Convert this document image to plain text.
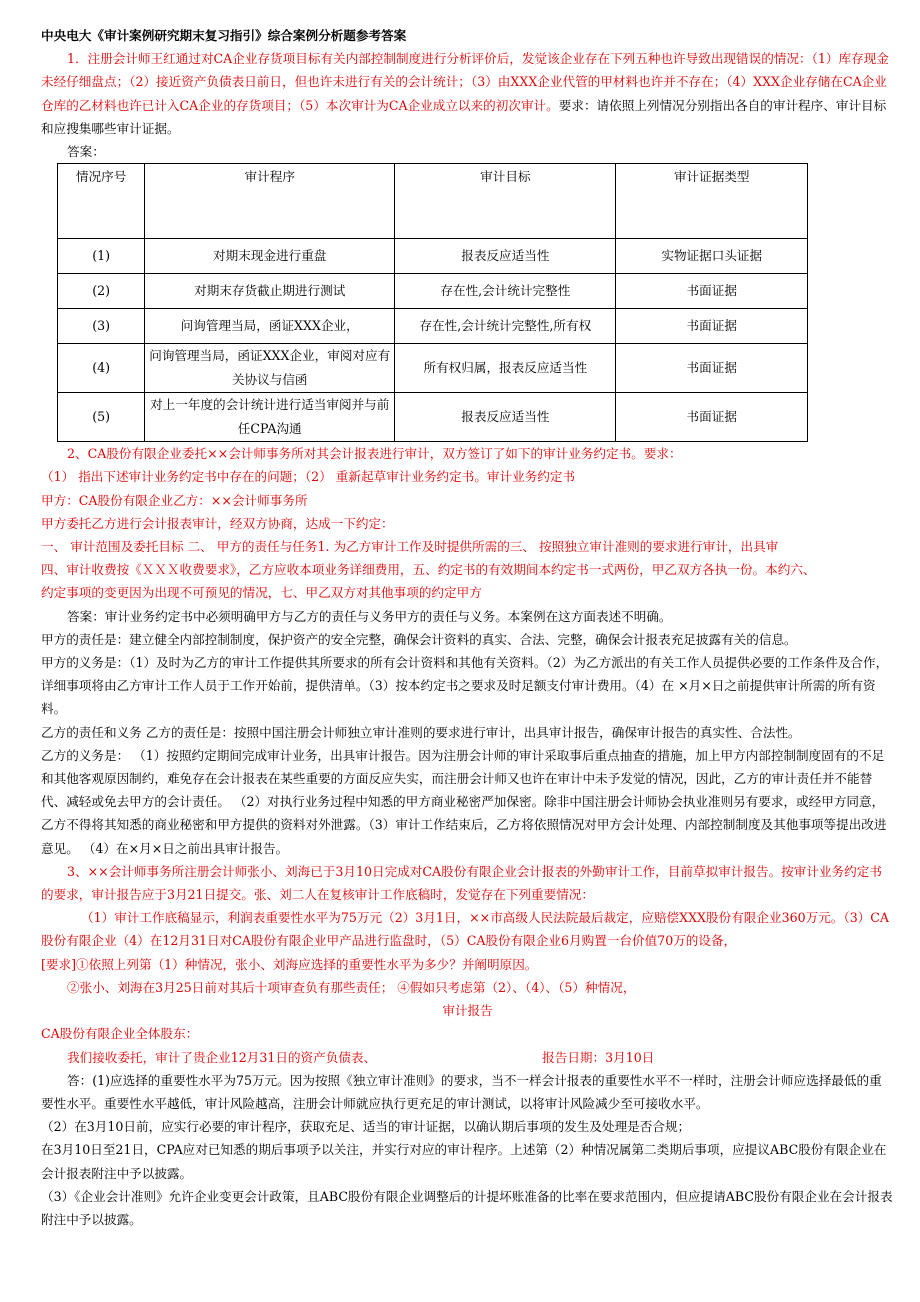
中央电大《审计案例研究期末复习指引》综合案例分析题参考答案

1．注册会计师王红通过对CA企业存货项目标有关内部控制制度进行分析评价后，发觉该企业存在下列五种也许导致出现错误的情况：（1）库存现金未经仔细盘点；（2）接近资产负债表日前日，但也许未进行有关的会计统计；（3）由XXX企业代管的甲材料也许并不存在；（4）XXX企业存储在CA企业仓库的乙材料也许已计入CA企业的存货项目；（5）本次审计为CA企业成立以来的初次审计。要求：请依照上列情况分别指出各自的审计程序、审计目标和应搜集哪些审计证据。

答案：

情况序号	审计程序	审计目标	审计证据类型
(1)	对期末现金进行重盘	报表反应适当性	实物证据口头证据
(2)	对期末存货截止期进行测试	存在性,会计统计完整性	书面证据
(3)	问询管理当局，函证XXX企业，	存在性,会计统计完整性,所有权	书面证据
(4)	问询管理当局，函证XXX企业，审阅对应有关协议与信函	所有权归属，报表反应适当性	书面证据
(5)	对上一年度的会计统计进行适当审阅并与前任CPA沟通	报表反应适当性	书面证据

2、CA股份有限企业委托××会计师事务所对其会计报表进行审计，双方签订了如下的审计业务约定书。要求：

（1） 指出下述审计业务约定书中存在的问题；（2） 重新起草审计业务约定书。审计业务约定书

甲方：CA股份有限企业乙方：××会计师事务所

甲方委托乙方进行会计报表审计，经双方协商，达成一下约定：

一、 审计范围及委托目标 二、 甲方的责任与任务1. 为乙方审计工作及时提供所需的三、 按照独立审计准则的要求进行审计，出具审

四、审计收费按《ＸＸＸ收费要求》，乙方应收本项业务详细费用，五、约定书的有效期间本约定书一式两份，甲乙双方各执一份。本约六、

约定事项的变更因为出现不可预见的情况，七、甲乙双方对其他事项的约定甲方

答案：审计业务约定书中必须明确甲方与乙方的责任与义务甲方的责任与义务。本案例在这方面表述不明确。

甲方的责任是：建立健全内部控制制度，保护资产的安全完整，确保会计资料的真实、合法、完整，确保会计报表充足披露有关的信息。

甲方的义务是：（1）及时为乙方的审计工作提供其所要求的所有会计资料和其他有关资料。（2）为乙方派出的有关工作人员提供必要的工作条件及合作，详细事项将由乙方审计工作人员于工作开始前，提供清单。（3）按本约定书之要求及时足额支付审计费用。（4）在 ×月×日之前提供审计所需的所有资料。

乙方的责任和义务 乙方的责任是：按照中国注册会计师独立审计准则的要求进行审计，出具审计报告，确保审计报告的真实性、合法性。

乙方的义务是： （1）按照约定期间完成审计业务，出具审计报告。因为注册会计师的审计采取事后重点抽查的措施，加上甲方内部控制制度固有的不足和其他客观原因制约，难免存在会计报表在某些重要的方面反应失实，而注册会计师又也许在审计中未予发觉的情况，因此，乙方的审计责任并不能替代、减轻或免去甲方的会计责任。 （2）对执行业务过程中知悉的甲方商业秘密严加保密。除非中国注册会计师协会执业准则另有要求，或经甲方同意，乙方不得将其知悉的商业秘密和甲方提供的资料对外泄露。（3）审计工作结束后，乙方将依照情况对甲方会计处理、内部控制制度及其他事项等提出改进意见。 （4）在×月×日之前出具审计报告。

3、××会计师事务所注册会计师张小、刘海已于3月10日完成对CA股份有限企业会计报表的外勤审计工作，目前草拟审计报告。按审计业务约定书的要求，审计报告应于3月21日提交。张、刘二人在复核审计工作底稿时，发觉存在下列重要情况：

（1）审计工作底稿显示，利润表重要性水平为75万元（2）3月1日，××市高级人民法院最后裁定，应赔偿XXX股份有限企业360万元。（3）CA股份有限企业（4）在12月31日对CA股份有限企业甲产品进行监盘时，（5）CA股份有限企业6月购置一台价值70万的设备，

[要求]①依照上列第（1）种情况，张小、刘海应选择的重要性水平为多少？并阐明原因。

②张小、刘海在3月25日前对其后十项审查负有那些责任； ④假如只考虑第（2）、（4）、（5）种情况，

审计报告

CA股份有限企业全体股东：

我们接收委托，审计了贵企业12月31日的资产负债表、	报告日期：3月10日

答：(1)应选择的重要性水平为75万元。因为按照《独立审计准则》的要求，当不一样会计报表的重要性水平不一样时，注册会计师应选择最低的重要性水平。重要性水平越低，审计风险越高，注册会计师就应执行更充足的审计测试，以将审计风险减少至可接收水平。

（2）在3月10日前，应实行必要的审计程序，获取充足、适当的审计证据，以确认期后事项的发生及处理是否合规；

在3月10日至21日，CPA应对已知悉的期后事项予以关注，并实行对应的审计程序。上述第（2）种情况属第二类期后事项，应提议ABC股份有限企业在会计报表附注中予以披露。

（3）《企业会计准则》允许企业变更会计政策，且ABC股份有限企业调整后的计提坏账准备的比率在要求范围内，但应提请ABC股份有限企业在会计报表附注中予以披露。
